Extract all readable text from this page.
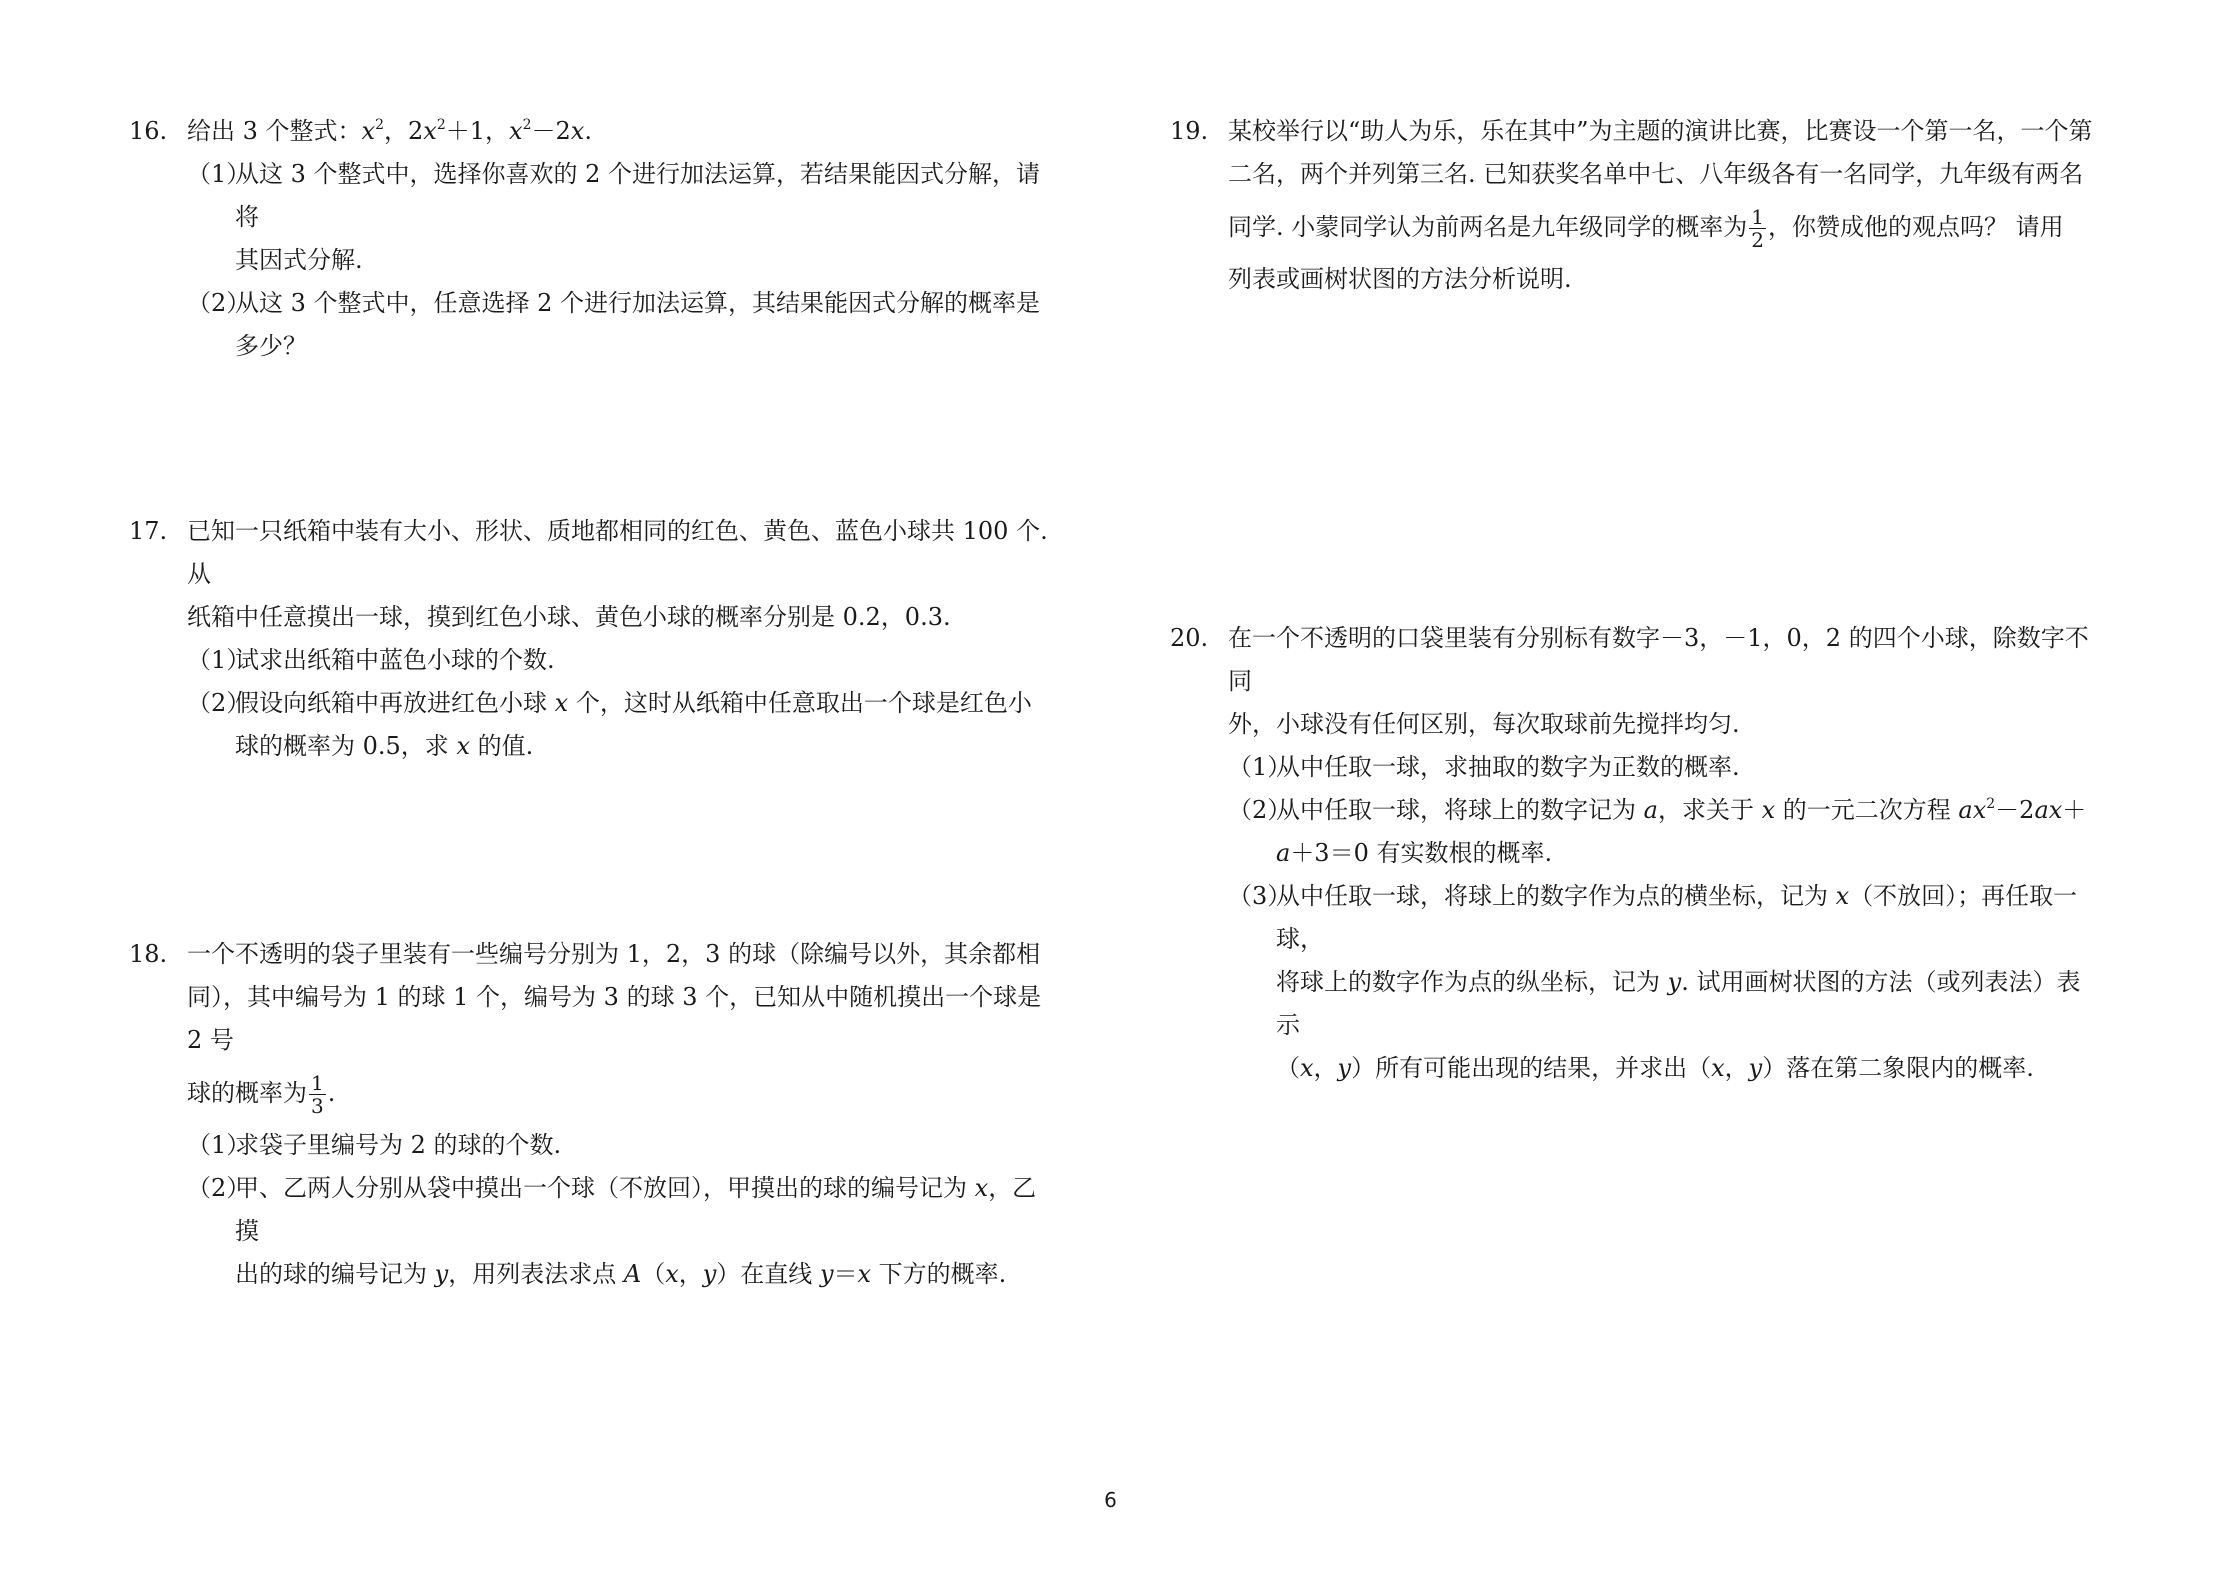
16. 给出 3 个整式：$x^2$，$2x^2+1$，$x^2-2x$.
（1）
从这 3 个整式中，选择你喜欢的 2 个进行加法运算，若结果能因式分解，请将
其因式分解.
（2）
从这 3 个整式中，任意选择 2 个进行加法运算，其结果能因式分解的概率是多少？
17. 已知一只纸箱中装有大小、形状、质地都相同的红色、黄色、蓝色小球共 100 个. 从
纸箱中任意摸出一球，摸到红色小球、黄色小球的概率分别是 0.2，0.3.
（1）
试求出纸箱中蓝色小球的个数.
（2）
假设向纸箱中再放进红色小球 x 个，这时从纸箱中任意取出一个球是红色小
球的概率为 0.5，求 x 的值.
18. 一个不透明的袋子里装有一些编号分别为 1，2，3 的球（除编号以外，其余都相
同），其中编号为 1 的球 1 个，编号为 3 的球 3 个，已知从中随机摸出一个球是 2 号
球的概率为 $\frac{1}{3}$ .
（1）
求袋子里编号为 2 的球的个数.
（2）
甲、乙两人分别从袋中摸出一个球（不放回），甲摸出的球的编号记为 x，乙摸
出的球的编号记为 y，用列表法求点 A（x，y）在直线 y＝x 下方的概率.
19. 某校举行以“助人为乐，乐在其中”为主题的演讲比赛，比赛设一个第一名，一个第
二名，两个并列第三名. 已知获奖名单中七、八年级各有一名同学，九年级有两名
同学. 小蒙同学认为前两名是九年级同学的概率为 $\frac{1}{2}$ ，你赞成他的观点吗？ 请用
列表或画树状图的方法分析说明.
20. 在一个不透明的口袋里装有分别标有数字－3，－1，0，2 的四个小球，除数字不同
外，小球没有任何区别，每次取球前先搅拌均匀.
（1）
从中任取一球，求抽取的数字为正数的概率.
（2）
从中任取一球，将球上的数字记为 a，求关于 x 的一元二次方程 $ax^2-2ax+$
a＋3＝0 有实数根的概率.
（3）
从中任取一球，将球上的数字作为点的横坐标，记为 x（不放回）；再任取一球，
将球上的数字作为点的纵坐标，记为 y. 试用画树状图的方法（或列表法）表示
（x，y）所有可能出现的结果，并求出（x，y）落在第二象限内的概率.
6
